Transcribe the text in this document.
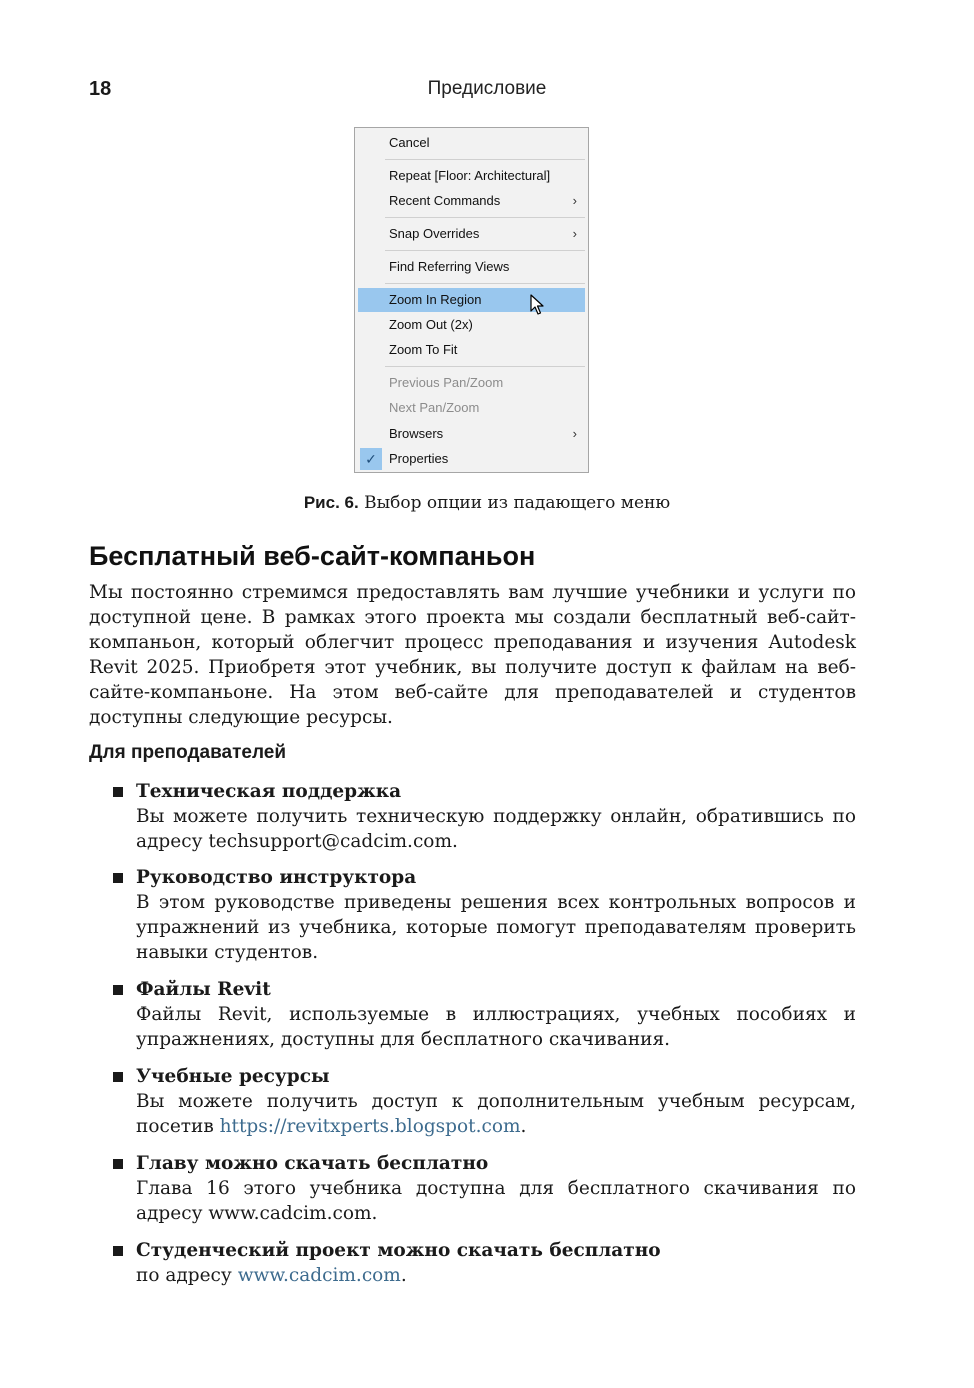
18	Предисловие
Cancel
Repeat [Floor: Architectural]
Recent Commands	›
Snap Overrides	›
Find Referring Views
Zoom In Region
Zoom Out (2x)
Zoom To Fit
Previous Pan/Zoom
Next Pan/Zoom
Browsers	›
✓ Properties
Рис. 6. Выбор опции из падающего меню
Бесплатный веб-сайт-компаньон

Мы постоянно стремимся предоставлять вам лучшие учебники и услуги по доступной цене. В рамках этого проекта мы создали бесплатный веб-сайт-компаньон, который облегчит процесс преподавания и изучения Autodesk Revit 2025. Приобретя этот учебник, вы получите доступ к файлам на веб-сайте-компаньоне. На этом веб-сайте для преподавателей и студентов доступны следующие ресурсы.

Для преподавателей
Техническая поддержка

Вы можете получить техническую поддержку онлайн, обратившись по адресу techsupport@cadcim.com.

Руководство инструктора

В этом руководстве приведены решения всех контрольных вопросов и упражнений из учебника, которые помогут преподавателям проверить навыки студентов.

Файлы Revit

Файлы Revit, используемые в иллюстрациях, учебных пособиях и упражнениях, доступны для бесплатного скачивания.

Учебные ресурсы

Вы можете получить доступ к дополнительным учебным ресурсам, посетив https://revitxperts.blogspot.com.

Главу можно скачать бесплатно

Глава 16 этого учебника доступна для бесплатного скачивания по адресу www.cadcim.com.

Студенческий проект можно скачать бесплатно

по адресу www.cadcim.com.
